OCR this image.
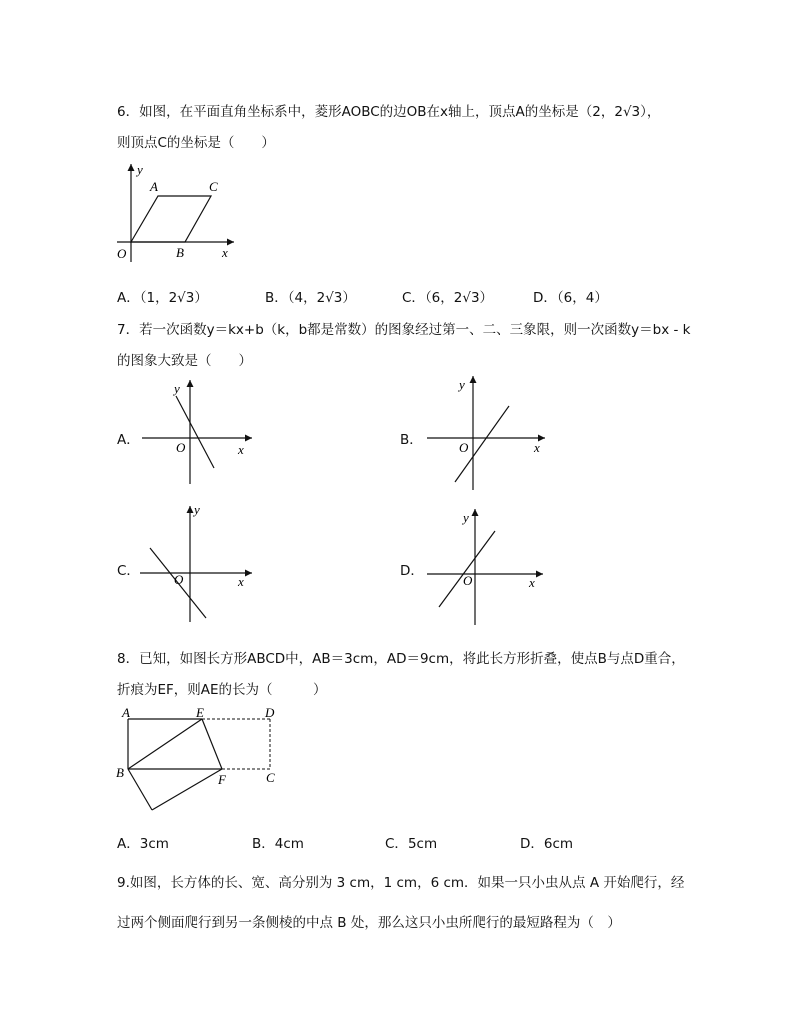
6．如图，在平面直角坐标系中，菱形AOBC的边OB在x轴上，顶点A的坐标是（2，2√3），
则顶点C的坐标是（　　）
y
A	C
O	B	x
A．（1，2√3）	B．（4，2√3）	C．（6，2√3）	D．（6，4）
7．若一次函数y＝kx+b（k，b都是常数）的图象经过第一、二、三象限，则一次函数y＝bx - k
的图象大致是（　　）
A．
y
O	x
B．
y
O	x
C．
y
O	x
D．
y
O	x
8．已知，如图长方形ABCD中，AB＝3cm，AD＝9cm，将此长方形折叠，使点B与点D重合，
折痕为EF，则AE的长为（　　　）
A	E	D
B	F	C
A．3cm	B．4cm	C．5cm	D．6cm
9.如图，长方体的长、宽、高分别为 3 cm，1 cm，6 cm．如果一只小虫从点 A 开始爬行，经
过两个侧面爬行到另一条侧棱的中点 B 处，那么这只小虫所爬行的最短路程为（　）
